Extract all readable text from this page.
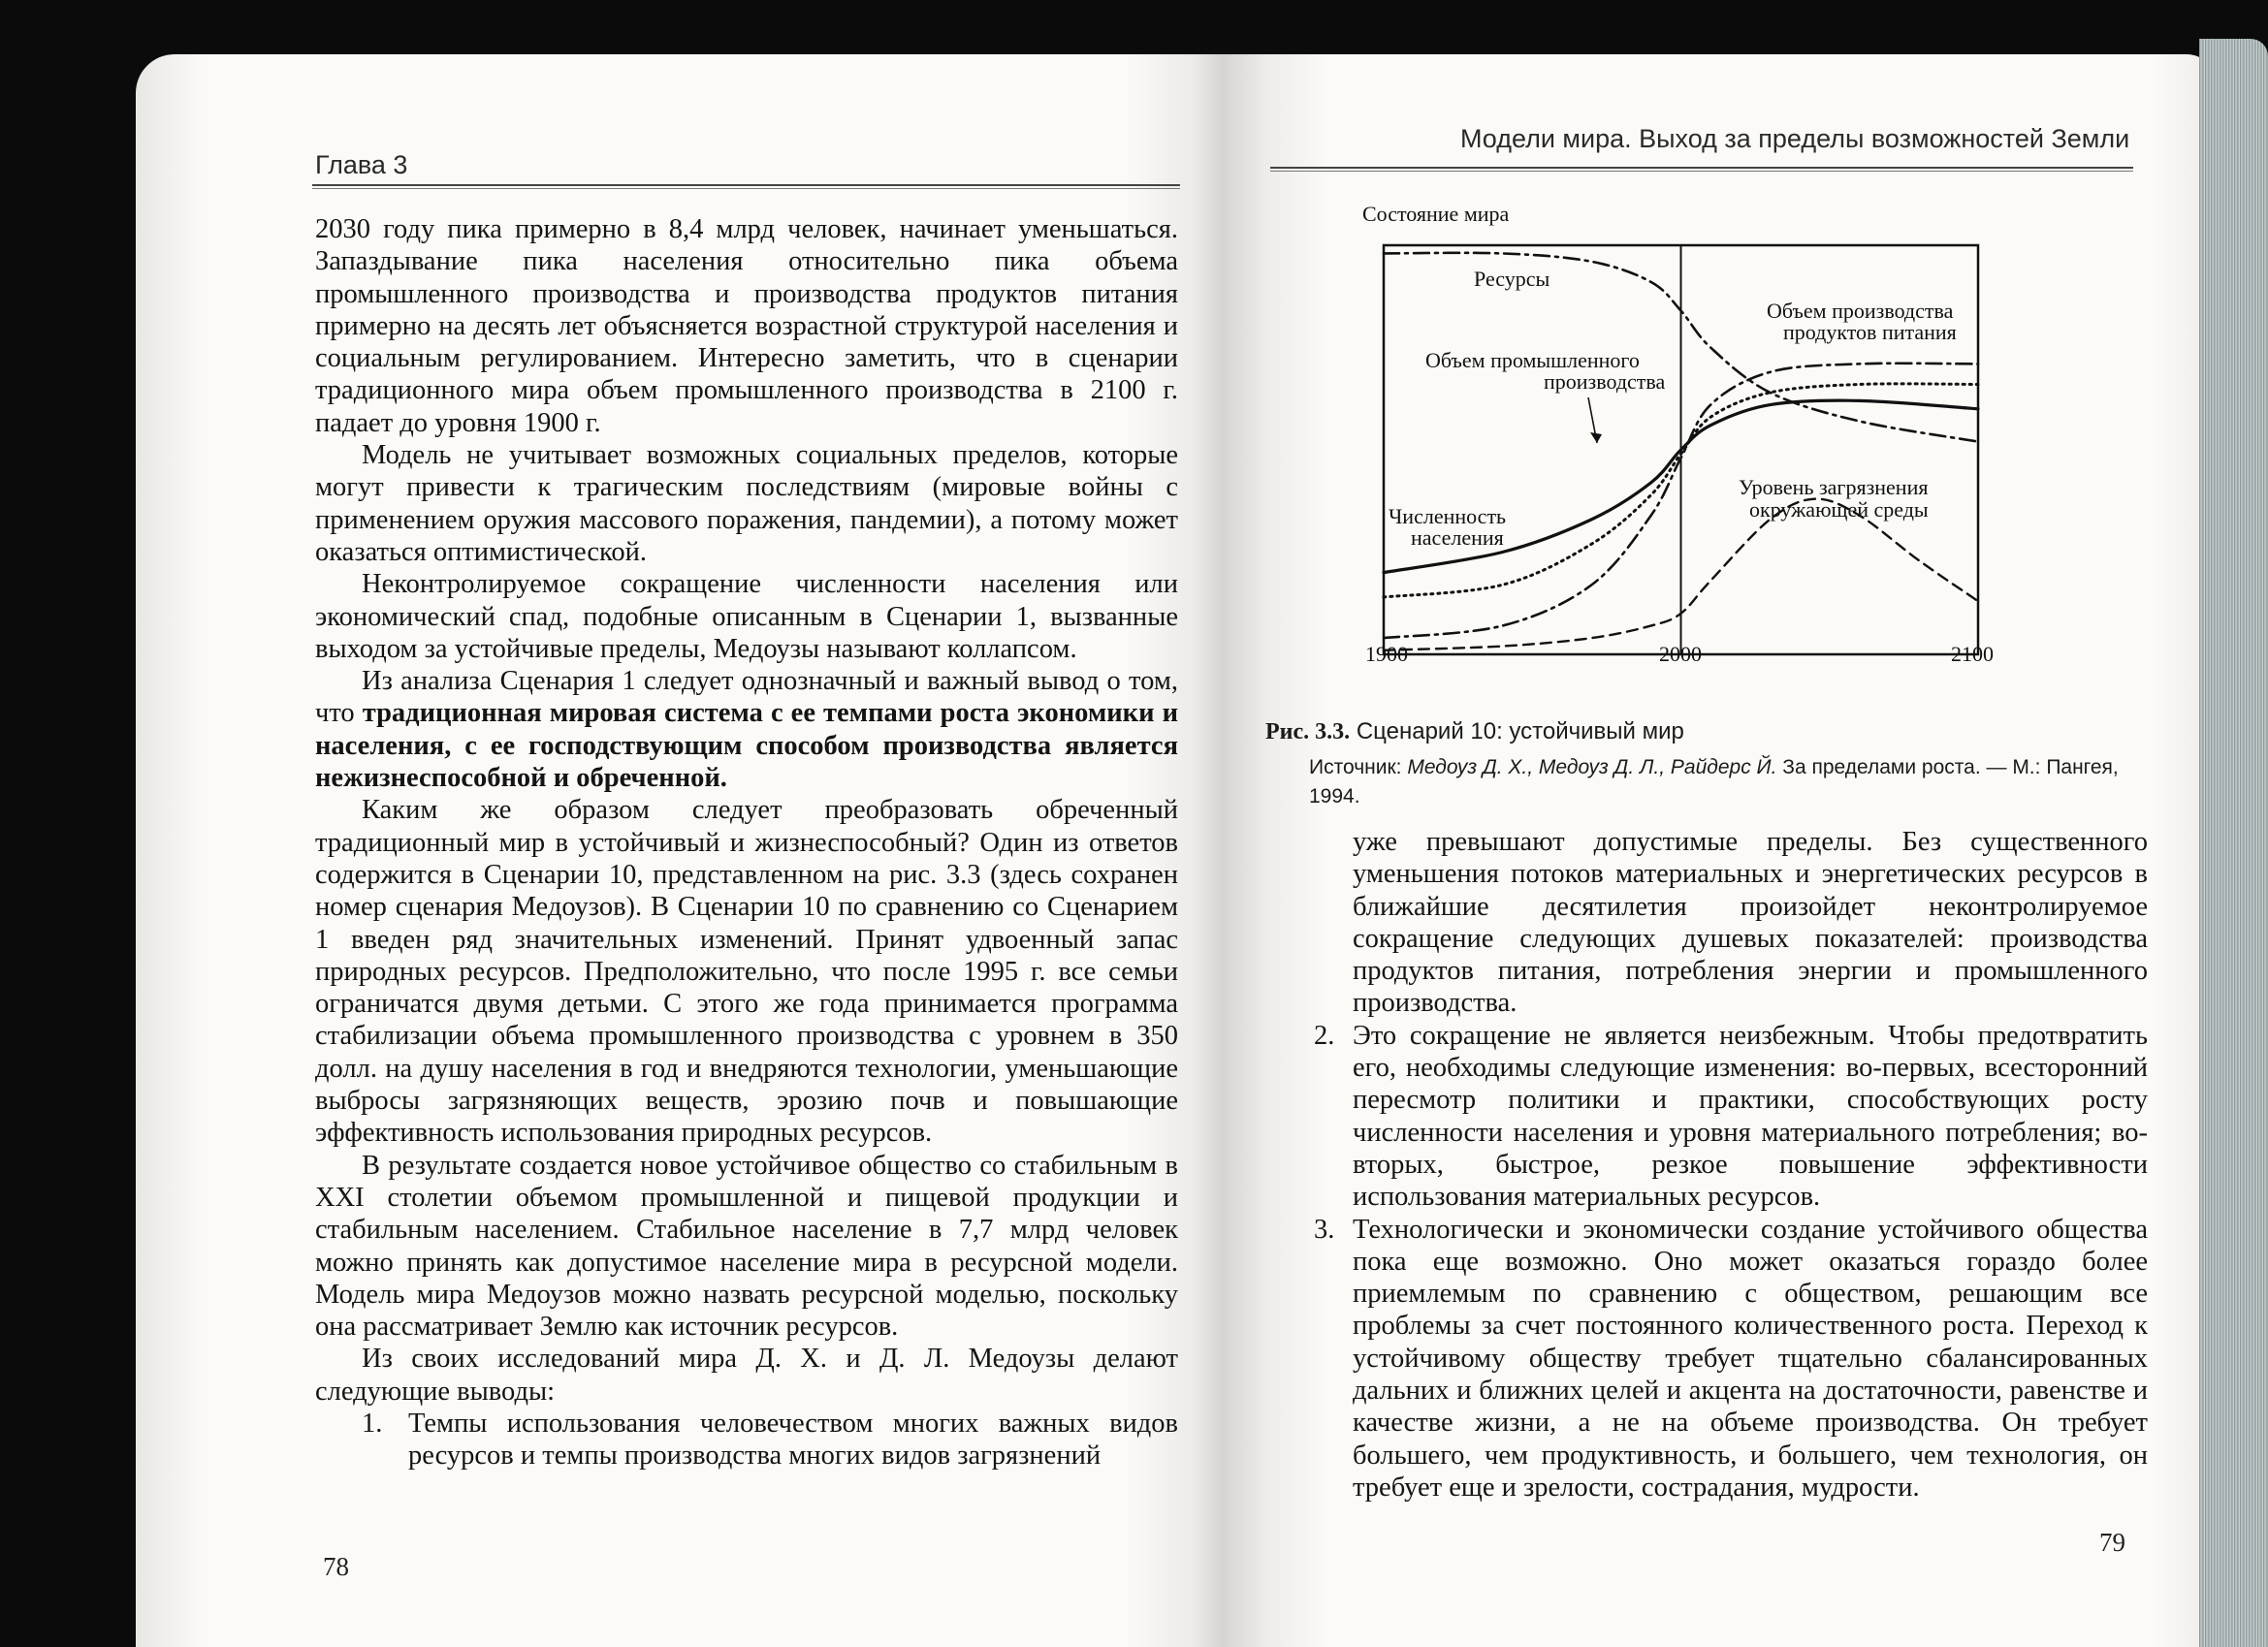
Глава 3

2030 году пика примерно в 8,4 млрд человек, начинает уменьшаться. Запаздывание пика населения относительно пика объема промышленного производства и производства продуктов питания примерно на десять лет объясняется возрастной структурой населения и социальным регулированием. Интересно заметить, что в сценарии традиционного мира объем промышленного производства в 2100 г. падает до уровня 1900 г.

Модель не учитывает возможных социальных пределов, которые могут привести к трагическим последствиям (мировые войны с применением оружия массового поражения, пандемии), а потому может оказаться оптимистической.

Неконтролируемое сокращение численности населения или экономический спад, подобные описанным в Сценарии 1, вызванные выходом за устойчивые пределы, Медоузы называют коллапсом.

Из анализа Сценария 1 следует однозначный и важный вывод о том, что традиционная мировая система с ее темпами роста экономики и населения, с ее господствующим способом производства является нежизнеспособной и обреченной.

Каким же образом следует преобразовать обреченный традиционный мир в устойчивый и жизнеспособный? Один из ответов содержится в Сценарии 10, представленном на рис. 3.3 (здесь сохранен номер сценария Медоузов). В Сценарии 10 по сравнению со Сценарием 1 введен ряд значительных изменений. Принят удвоенный запас природных ресурсов. Предположительно, что после 1995 г. все семьи ограничатся двумя детьми. С этого же года принимается программа стабилизации объема промышленного производства с уровнем в 350 долл. на душу населения в год и внедряются технологии, уменьшающие выбросы загрязняющих веществ, эрозию почв и повышающие эффективность использования природных ресурсов.

В результате создается новое устойчивое общество со стабильным в XXI столетии объемом промышленной и пищевой продукции и стабильным населением. Стабильное население в 7,7 млрд человек можно принять как допустимое население мира в ресурсной модели. Модель мира Медоузов можно назвать ресурсной моделью, поскольку она рассматривает Землю как источник ресурсов.

Из своих исследований мира Д. Х. и Д. Л. Медоузы делают следующие выводы:

1. Темпы использования человечеством многих важных видов ресурсов и темпы производства многих видов загрязнений
78
Модели мира. Выход за пределы возможностей Земли
Рис. 3.3. Сценарий 10: устойчивый мир
Источник: Медоуз Д. Х., Медоуз Д. Л., Райдерс Й. За пределами роста. — М.: Пангея, 1994.

уже превышают допустимые пределы. Без существенного уменьшения потоков материальных и энергетических ресурсов в ближайшие десятилетия произойдет неконтролируемое сокращение следующих душевых показателей: производства продуктов питания, потребления энергии и промышленного производства.

2. Это сокращение не является неизбежным. Чтобы предотвратить его, необходимы следующие изменения: во-первых, всесторонний пересмотр политики и практики, способствующих росту численности населения и уровня материального потребления; во-вторых, быстрое, резкое повышение эффективности использования материальных ресурсов.
3. Технологически и экономически создание устойчивого общества пока еще возможно. Оно может оказаться гораздо более приемлемым по сравнению с обществом, решающим все проблемы за счет постоянного количественного роста. Переход к устойчивому обществу требует тщательно сбалансированных дальних и ближних целей и акцента на достаточности, равенстве и качестве жизни, а не на объеме производства. Он требует большего, чем продуктивность, и большего, чем технология, он требует еще и зрелости, сострадания, мудрости.
79
Состояние мира
Ресурсы
Объем производства
продуктов питания
Объем промышленного
производства
Численность
населения
Уровень загрязнения
окружающей среды
1900	2000	2100
